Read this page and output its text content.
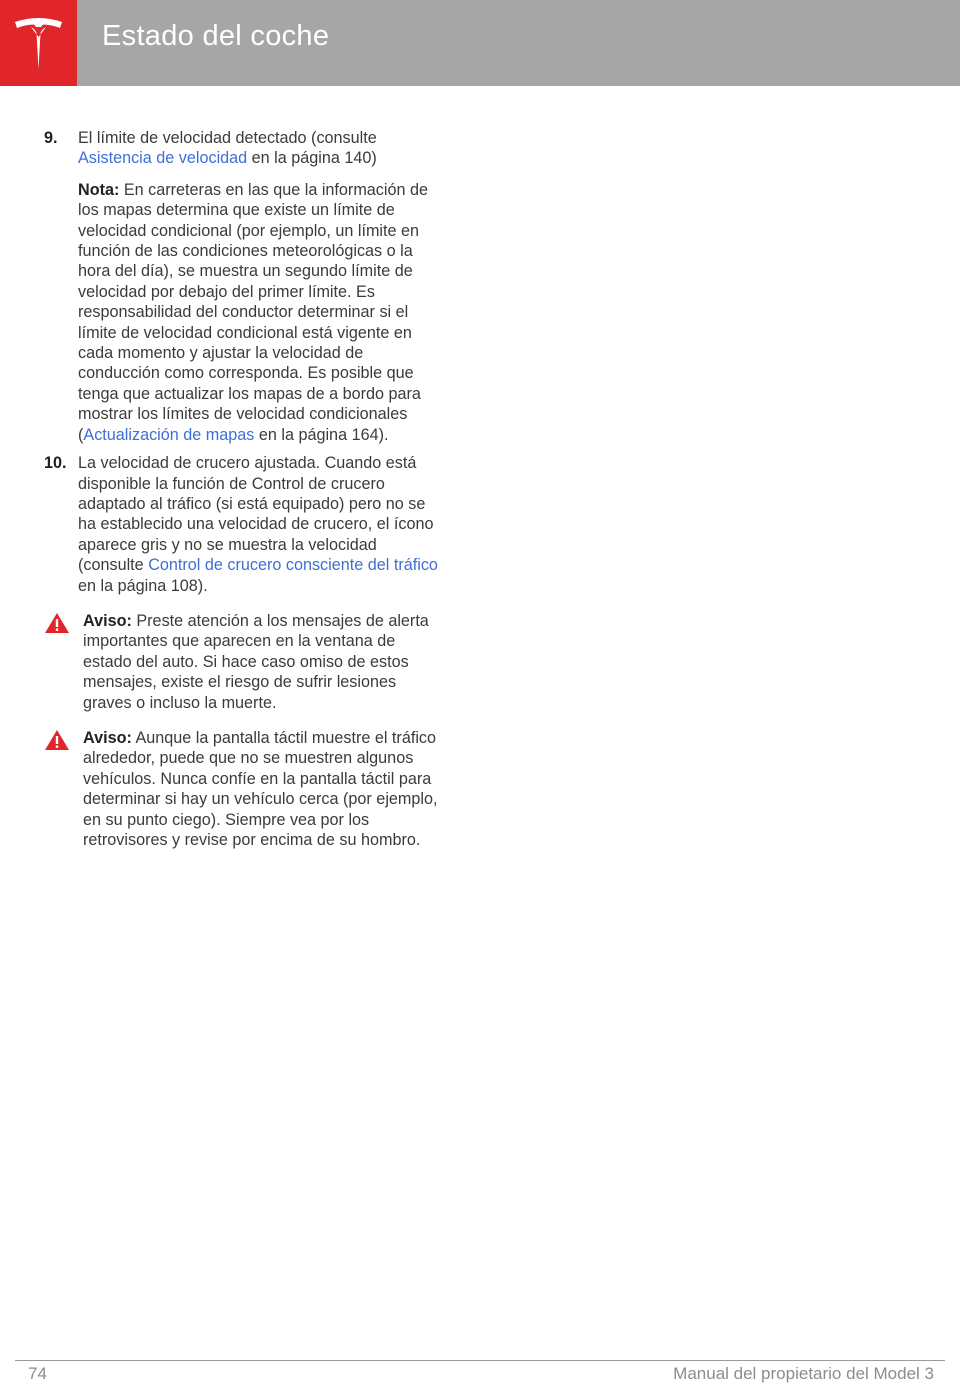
Estado del coche
9. El límite de velocidad detectado (consulte Asistencia de velocidad en la página 140)

Nota: En carreteras en las que la información de los mapas determina que existe un límite de velocidad condicional (por ejemplo, un límite en función de las condiciones meteorológicas o la hora del día), se muestra un segundo límite de velocidad por debajo del primer límite. Es responsabilidad del conductor determinar si el límite de velocidad condicional está vigente en cada momento y ajustar la velocidad de conducción como corresponda. Es posible que tenga que actualizar los mapas de a bordo para mostrar los límites de velocidad condicionales (Actualización de mapas en la página 164).

10. La velocidad de crucero ajustada. Cuando está disponible la función de Control de crucero adaptado al tráfico (si está equipado) pero no se ha establecido una velocidad de crucero, el ícono aparece gris y no se muestra la velocidad (consulte Control de crucero consciente del tráfico en la página 108).

Aviso: Preste atención a los mensajes de alerta importantes que aparecen en la ventana de estado del auto. Si hace caso omiso de estos mensajes, existe el riesgo de sufrir lesiones graves o incluso la muerte.

Aviso: Aunque la pantalla táctil muestre el tráfico alrededor, puede que no se muestren algunos vehículos. Nunca confíe en la pantalla táctil para determinar si hay un vehículo cerca (por ejemplo, en su punto ciego). Siempre vea por los retrovisores y revise por encima de su hombro.

74	Manual del propietario del Model 3
